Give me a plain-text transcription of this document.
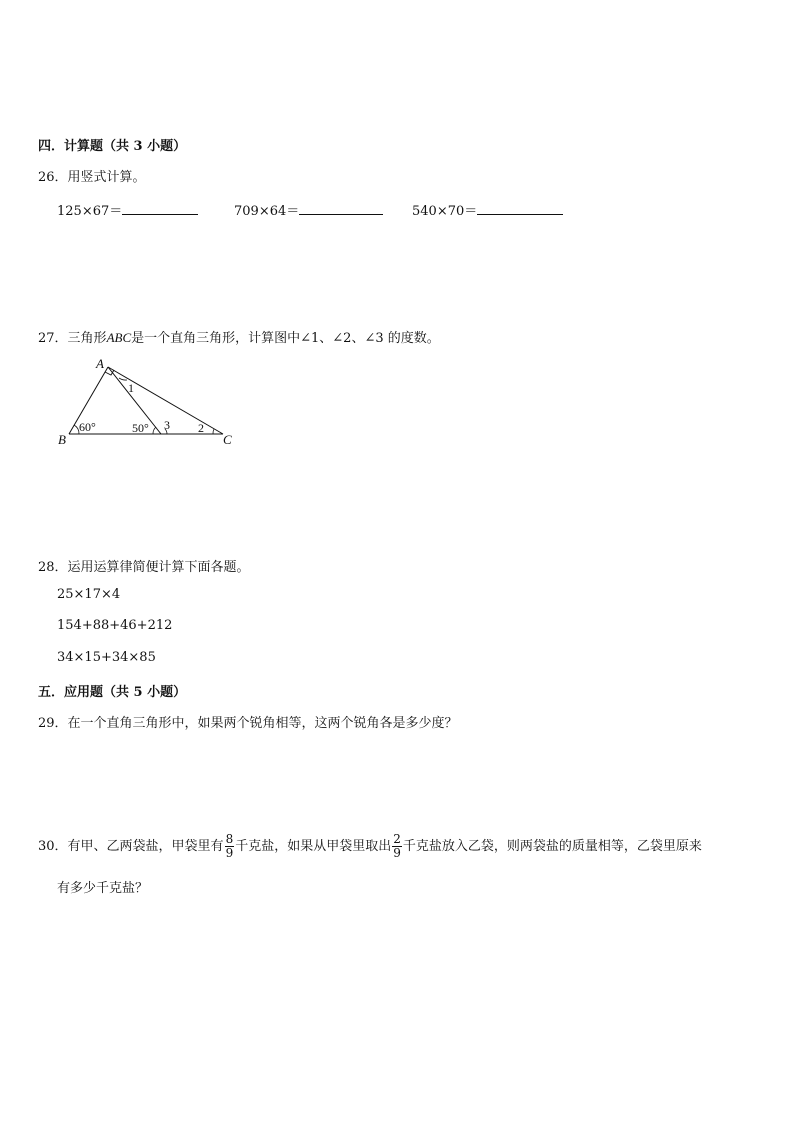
四．计算题（共 3 小题）
26．用竖式计算。
125×67＝	709×64＝	540×70＝
27．三角形ABC是一个直角三角形，计算图中∠1、∠2、∠3 的度数。
A
B	C
60°	50°
1
2
3
28．运用运算律简便计算下面各题。
25×17×4
154+88+46+212
34×15+34×85
五．应用题（共 5 小题）
29．在一个直角三角形中，如果两个锐角相等，这两个锐角各是多少度？
30．有甲、乙两袋盐，甲袋里有 $\frac{8}{9}$ 千克盐，如果从甲袋里取出 $\frac{2}{9}$ 千克盐放入乙袋，则两袋盐的质量相等，乙袋里原来
有多少千克盐？
